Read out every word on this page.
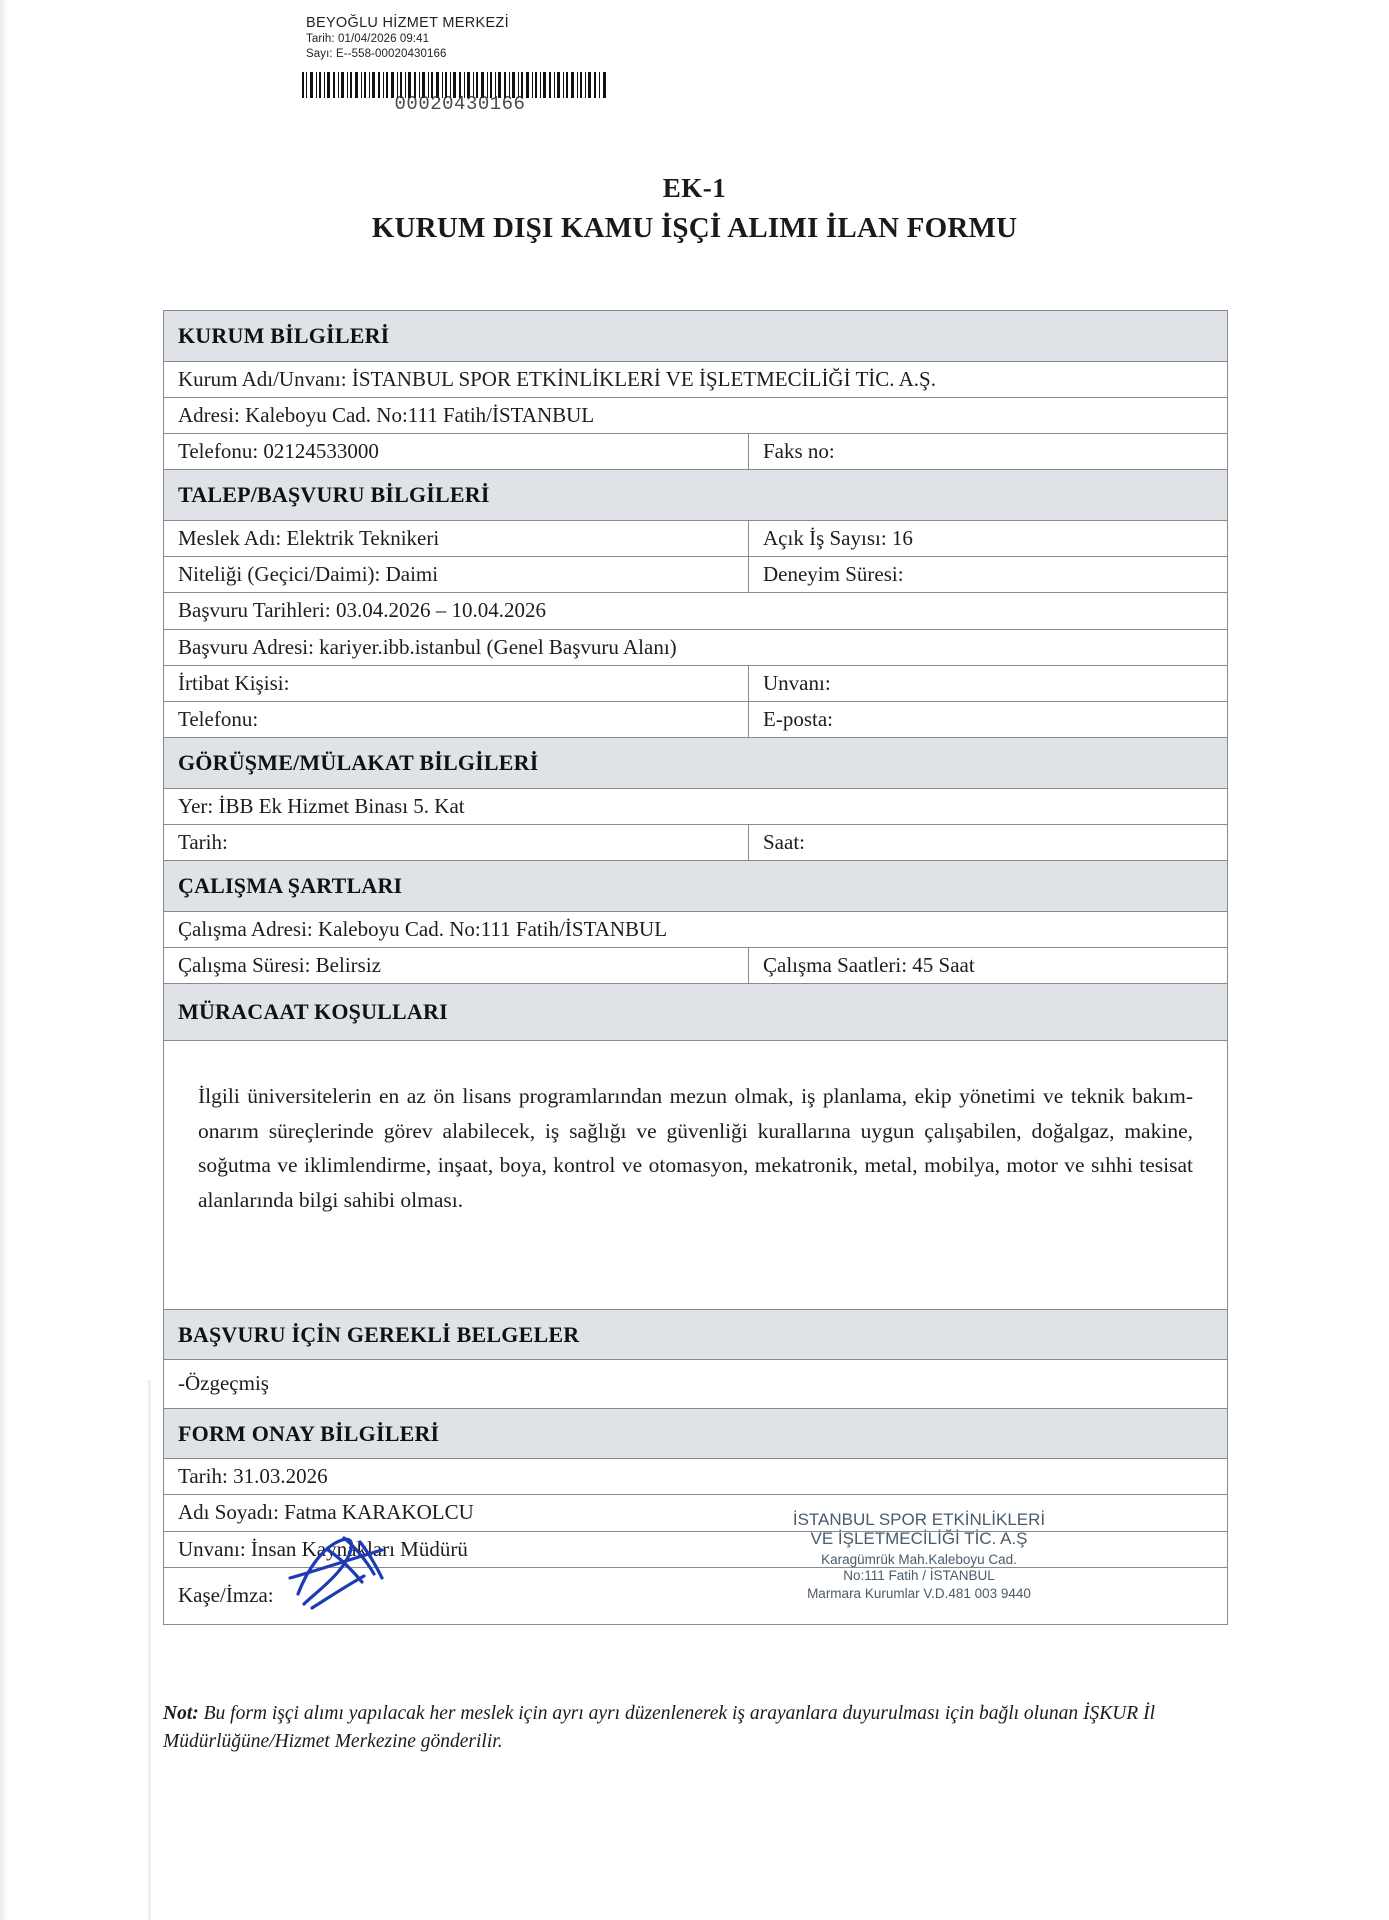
BEYOĞLU HİZMET MERKEZİ
Tarih: 01/04/2026 09:41
Sayı: E--558-00020430166
00020430166
EK-1
KURUM DIŞI KAMU İŞÇİ ALIMI İLAN FORMU
KURUM BİLGİLERİ
Kurum Adı/Unvanı: İSTANBUL SPOR ETKİNLİKLERİ VE İŞLETMECİLİĞİ TİC. A.Ş.
Adresi: Kaleboyu Cad. No:111 Fatih/İSTANBUL
Telefonu: 02124533000	Faks no:
TALEP/BAŞVURU BİLGİLERİ
Meslek Adı: Elektrik Teknikeri	Açık İş Sayısı: 16
Niteliği (Geçici/Daimi): Daimi	Deneyim Süresi:
Başvuru Tarihleri: 03.04.2026 – 10.04.2026
Başvuru Adresi: kariyer.ibb.istanbul (Genel Başvuru Alanı)
İrtibat Kişisi:	Unvanı:
Telefonu:	E-posta:
GÖRÜŞME/MÜLAKAT BİLGİLERİ
Yer: İBB Ek Hizmet Binası 5. Kat
Tarih:	Saat:
ÇALIŞMA ŞARTLARI
Çalışma Adresi: Kaleboyu Cad. No:111 Fatih/İSTANBUL
Çalışma Süresi: Belirsiz	Çalışma Saatleri: 45 Saat
MÜRACAAT KOŞULLARI
İlgili üniversitelerin en az ön lisans programlarından mezun olmak, iş planlama, ekip yönetimi ve teknik bakım-onarım süreçlerinde görev alabilecek, iş sağlığı ve güvenliği kurallarına uygun çalışabilen, doğalgaz, makine, soğutma ve iklimlendirme, inşaat, boya, kontrol ve otomasyon, mekatronik, metal, mobilya, motor ve sıhhi tesisat alanlarında bilgi sahibi olması.
BAŞVURU İÇİN GEREKLİ BELGELER
-Özgeçmiş
FORM ONAY BİLGİLERİ
Tarih: 31.03.2026
Adı Soyadı: Fatma KARAKOLCU
Unvanı: İnsan Kaynakları Müdürü
Kaşe/İmza:
İSTANBUL SPOR ETKİNLİKLERİ
VE İŞLETMECİLİĞİ TİC. A.Ş
Karagümrük Mah.Kaleboyu Cad.
No:111 Fatih / İSTANBUL
Marmara Kurumlar V.D.481 003 9440
Not: Bu form işçi alımı yapılacak her meslek için ayrı ayrı düzenlenerek iş arayanlara duyurulması için bağlı olunan İŞKUR İl Müdürlüğüne/Hizmet Merkezine gönderilir.
